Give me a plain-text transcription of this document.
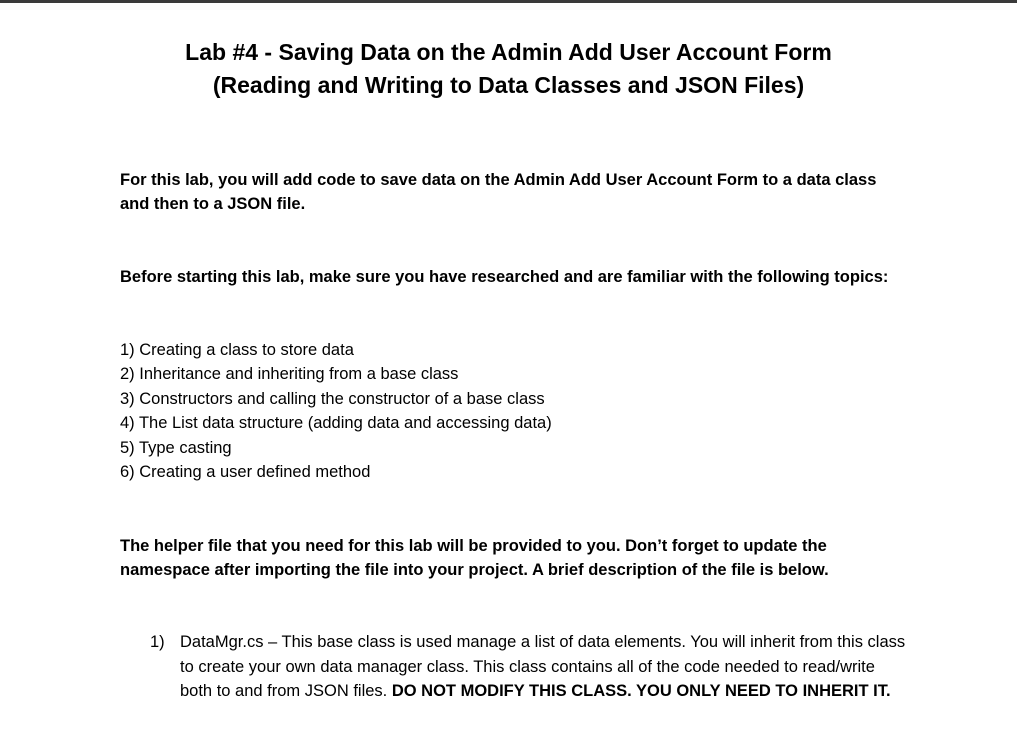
Lab #4 - Saving Data on the Admin Add User Account Form
(Reading and Writing to Data Classes and JSON Files)

For this lab, you will add code to save data on the Admin Add User Account Form to a data class and then to a JSON file.

Before starting this lab, make sure you have researched and are familiar with the following topics:

1) Creating a class to store data
2) Inheritance and inheriting from a base class
3) Constructors and calling the constructor of a base class
4) The List data structure (adding data and accessing data)
5) Type casting
6) Creating a user defined method

The helper file that you need for this lab will be provided to you. Don’t forget to update the namespace after importing the file into your project. A brief description of the file is below.

1) DataMgr.cs – This base class is used manage a list of data elements. You will inherit from this class to create your own data manager class. This class contains all of the code needed to read/write both to and from JSON files. DO NOT MODIFY THIS CLASS. YOU ONLY NEED TO INHERIT IT.
